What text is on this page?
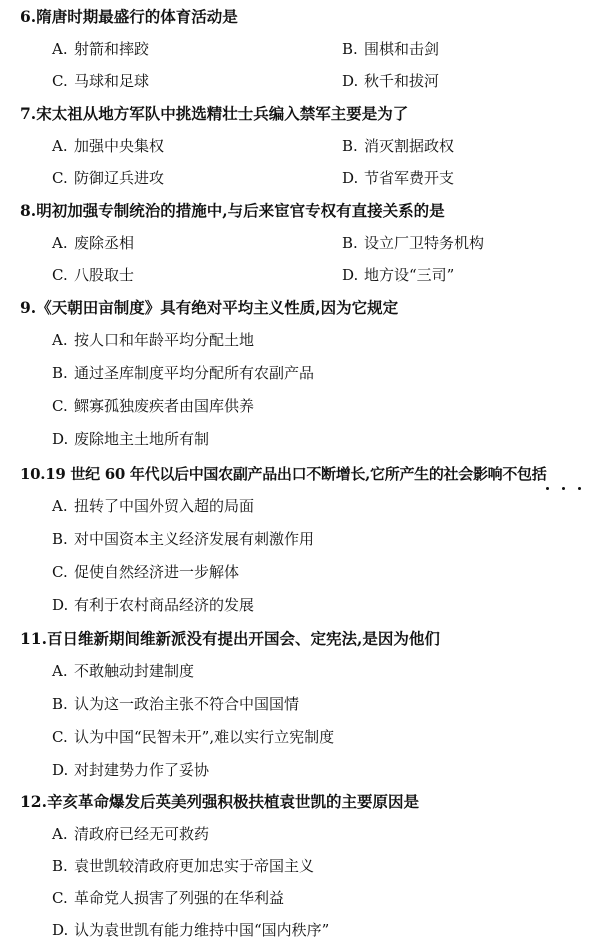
6.隋唐时期最盛行的体育活动是
A. 射箭和摔跤	B. 围棋和击剑
C. 马球和足球	D. 秋千和拔河
7.宋太祖从地方军队中挑选精壮士兵编入禁军主要是为了
A. 加强中央集权	B. 消灭割据政权
C. 防御辽兵进攻	D. 节省军费开支
8.明初加强专制统治的措施中,与后来宦官专权有直接关系的是
A. 废除丞相	B. 设立厂卫特务机构
C. 八股取士	D. 地方设“三司”
9.《天朝田亩制度》具有绝对平均主义性质,因为它规定
A. 按人口和年龄平均分配土地
B. 通过圣库制度平均分配所有农副产品
C. 鳏寡孤独废疾者由国库供养
D. 废除地主土地所有制
10.19 世纪 60 年代以后中国农副产品出口不断增长,它所产生的社会影响不包括
A. 扭转了中国外贸入超的局面
B. 对中国资本主义经济发展有刺激作用
C. 促使自然经济进一步解体
D. 有利于农村商品经济的发展
11.百日维新期间维新派没有提出开国会、定宪法,是因为他们
A. 不敢触动封建制度
B. 认为这一政治主张不符合中国国情
C. 认为中国“民智未开”,难以实行立宪制度
D. 对封建势力作了妥协
12.辛亥革命爆发后英美列强积极扶植袁世凯的主要原因是
A. 清政府已经无可救药
B. 袁世凯较清政府更加忠实于帝国主义
C. 革命党人损害了列强的在华利益
D. 认为袁世凯有能力维持中国“国内秩序”
